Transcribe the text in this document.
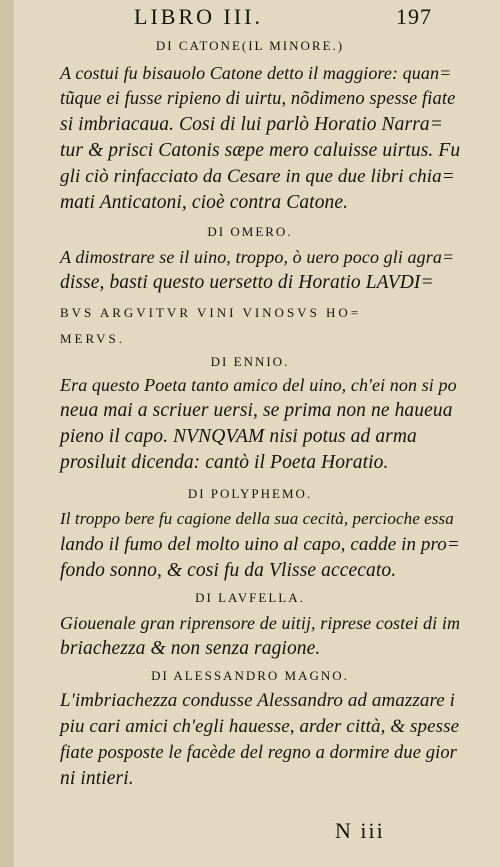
LIBRO III.	197
DI CATONE(IL MINORE.)
A costui fu bisauolo Catone detto il maggiore: quan=
tũque ei fusse ripieno di uirtu, nõdimeno spesse fiate
si imbriacaua. Cosi di lui parlò Horatio Narra=
tur & prisci Catonis sæpe mero caluisse uirtus. Fu
gli ciò rinfacciato da Cesare in que due libri chia=
mati Anticatoni, cioè contra Catone.
DI OMERO.
A dimostrare se il uino, troppo, ò uero poco gli agra=
disse, basti questo uersetto di Horatio LAVDI=
BVS ARGVITVR VINI VINOSVS HO=
MERVS.
DI ENNIO.
Era questo Poeta tanto amico del uino, ch'ei non si po
neua mai a scriuer uersi, se prima non ne haueua
pieno il capo. NVNQVAM nisi potus ad arma
prosiluit dicenda: cantò il Poeta Horatio.
DI POLYPHEMO.
Il troppo bere fu cagione della sua cecità, percioche essa
lando il fumo del molto uino al capo, cadde in pro=
fondo sonno, & cosi fu da Vlisse accecato.
DI LAVFELLA.
Giouenale gran riprensore de uitij, riprese costei di im
briachezza & non senza ragione.
DI ALESSANDRO MAGNO.
L'imbriachezza condusse Alessandro ad amazzare i
piu cari amici ch'egli hauesse, arder città, & spesse
fiate posposte le facède del regno a dormire due gior
ni intieri.
N iii
